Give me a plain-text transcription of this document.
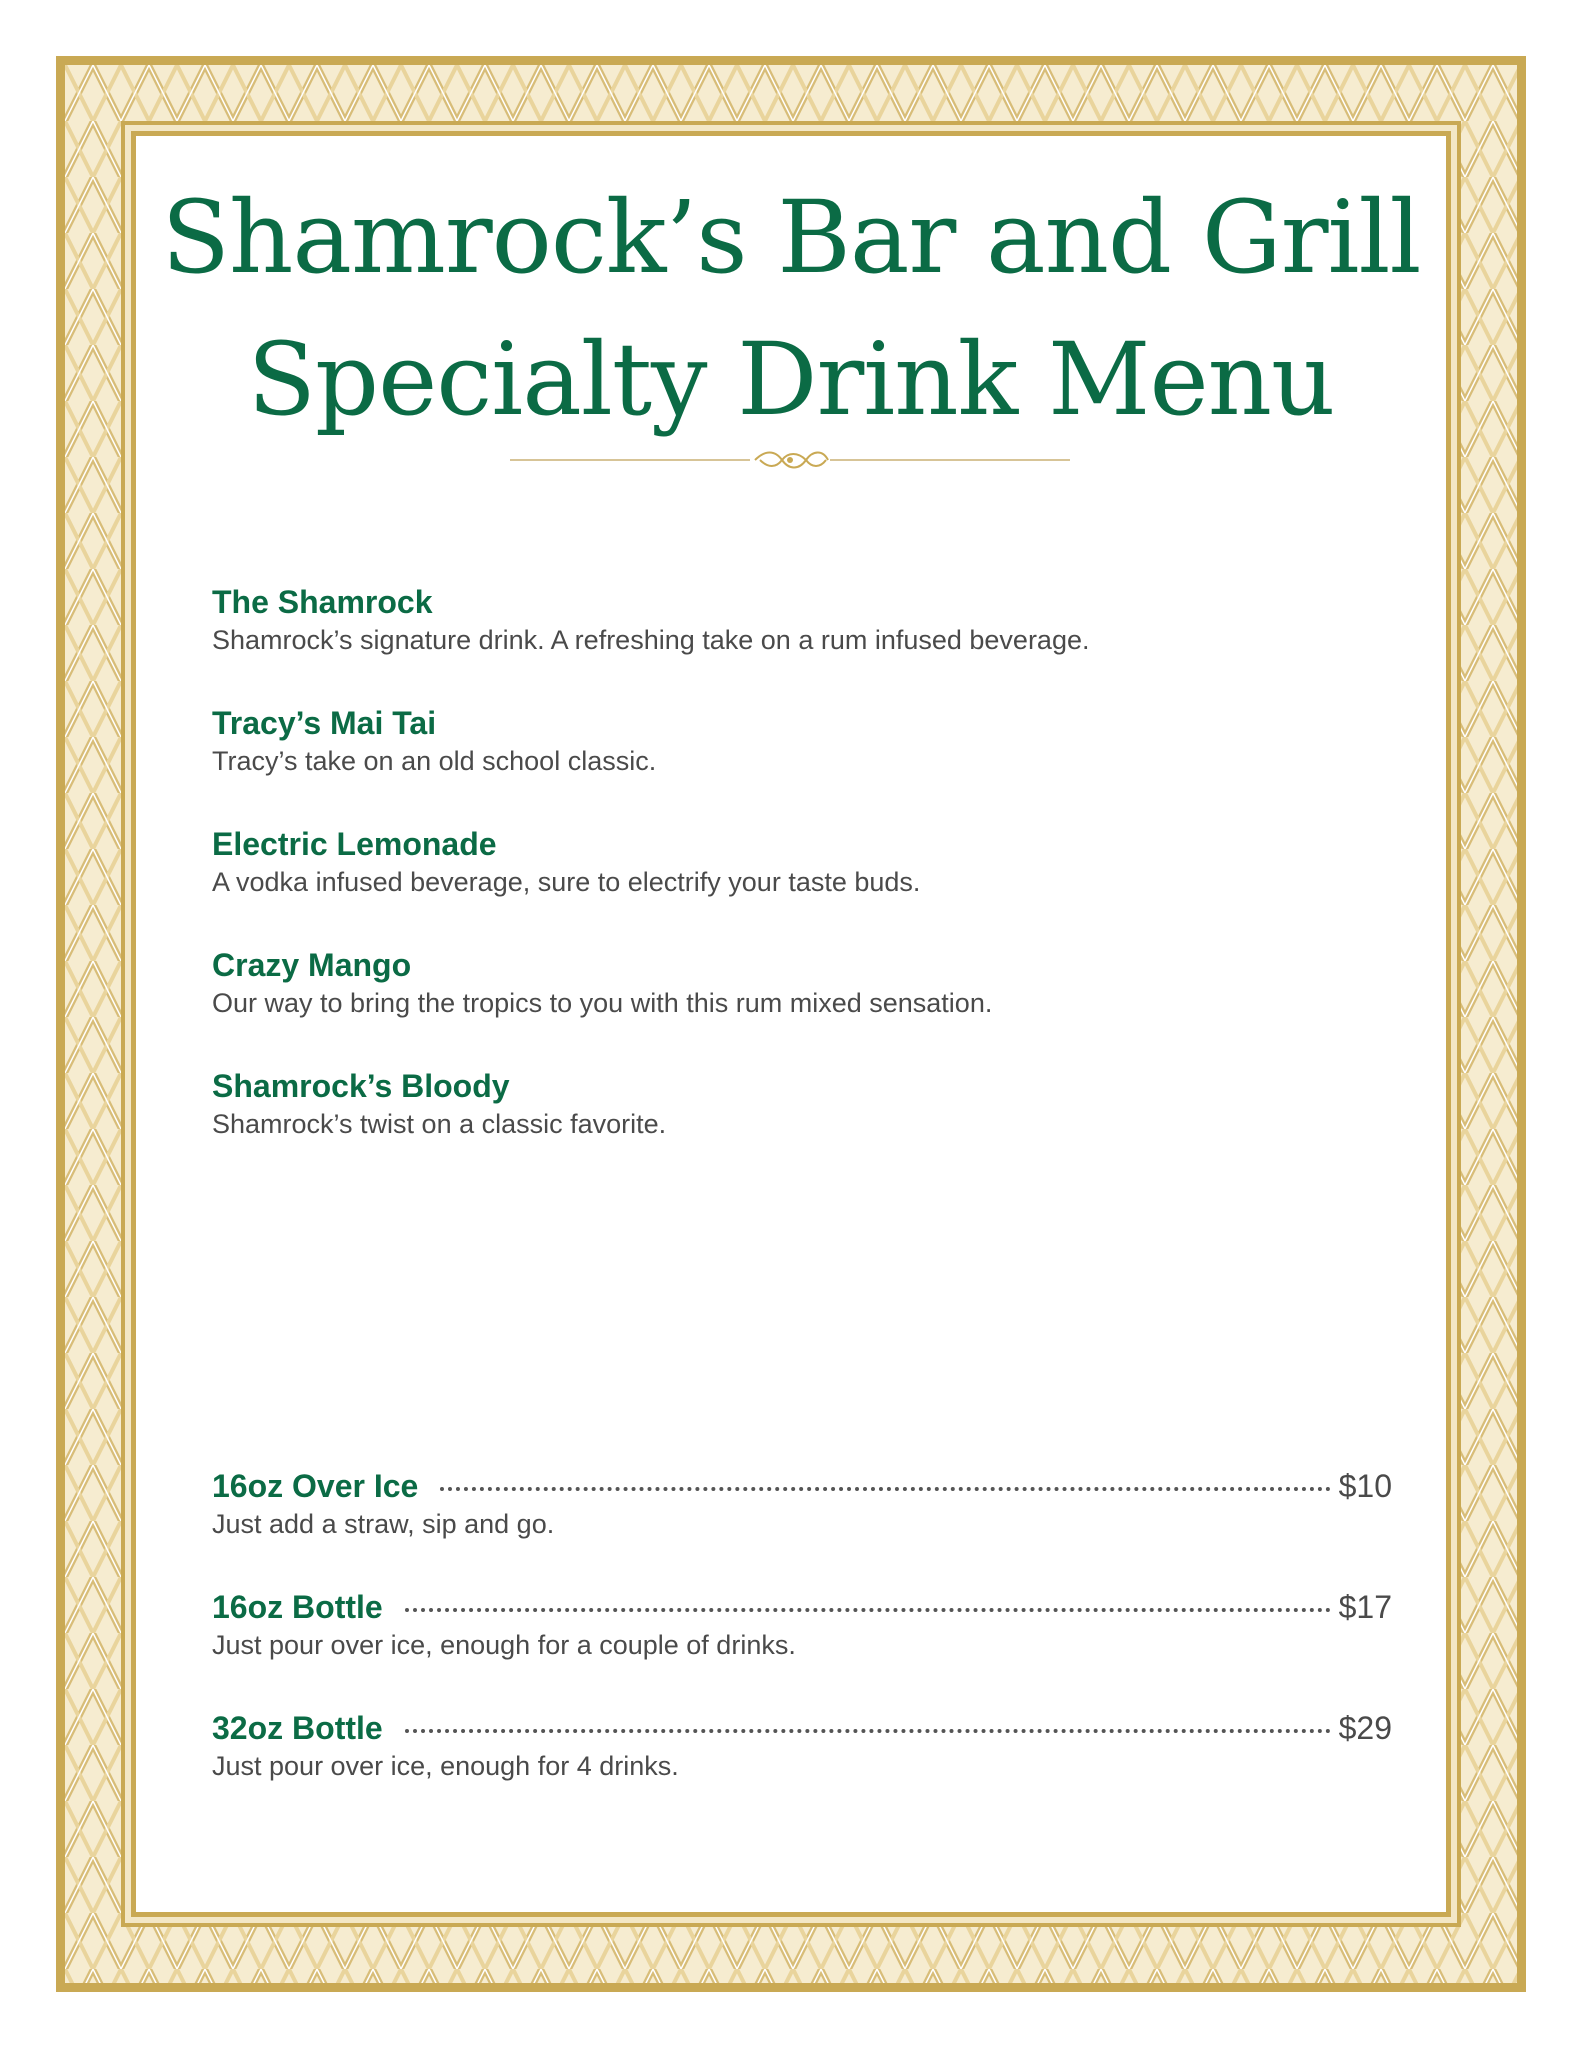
Shamrock’s Bar and Grill
Specialty Drink Menu
The Shamrock
Shamrock’s signature drink. A refreshing take on a rum infused beverage.
Tracy’s Mai Tai
Tracy’s take on an old school classic.
Electric Lemonade
A vodka infused beverage, sure to electrify your taste buds.
Crazy Mango
Our way to bring the tropics to you with this rum mixed sensation.
Shamrock’s Bloody
Shamrock’s twist on a classic favorite.
16oz Over Ice	$10
Just add a straw, sip and go.
16oz Bottle	$17
Just pour over ice, enough for a couple of drinks.
32oz Bottle	$29
Just pour over ice, enough for 4 drinks.
